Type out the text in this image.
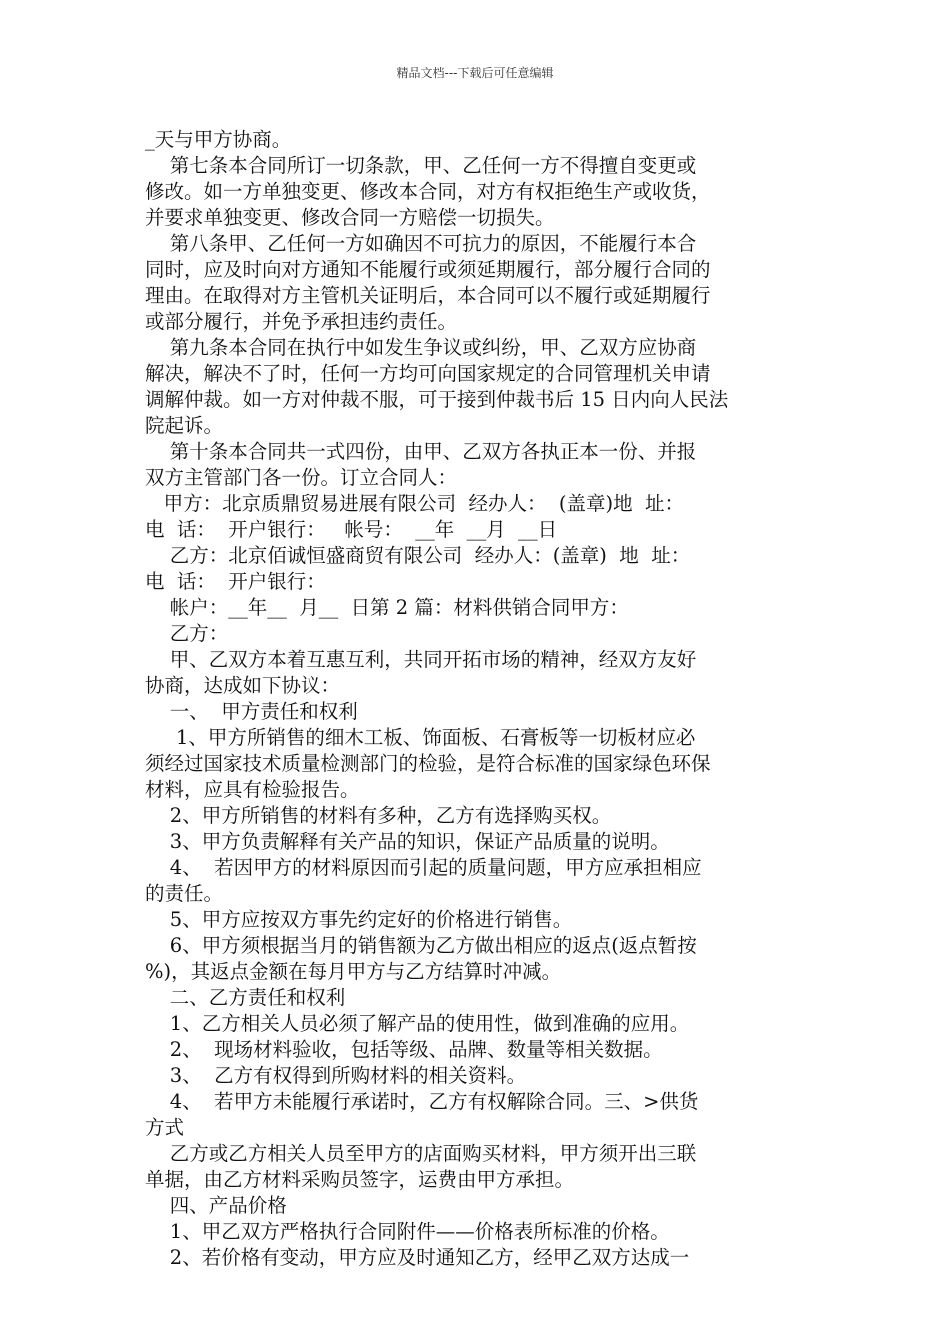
精品文档---下载后可任意编辑
_天与甲方协商。
第七条本合同所订一切条款，甲、乙任何一方不得擅自变更或
修改。如一方单独变更、修改本合同，对方有权拒绝生产或收货，
并要求单独变更、修改合同一方赔偿一切损失。
第八条甲、乙任何一方如确因不可抗力的原因，不能履行本合
同时，应及时向对方通知不能履行或须延期履行，部分履行合同的
理由。在取得对方主管机关证明后，本合同可以不履行或延期履行
或部分履行，并免予承担违约责任。
第九条本合同在执行中如发生争议或纠纷，甲、乙双方应协商
解决，解决不了时，任何一方均可向国家规定的合同管理机关申请
调解仲裁。如一方对仲裁不服，可于接到仲裁书后 15 日内向人民法
院起诉。
第十条本合同共一式四份，由甲、乙双方各执正本一份、并报
双方主管部门各一份。订立合同人：
甲方：北京质鼎贸易进展有限公司  经办人：  (盖章)地  址：
电  话：  开户银行：   帐号：  __年  __月  __日
乙方：北京佰诚恒盛商贸有限公司  经办人：(盖章)  地  址：
电  话：  开户银行：
帐户：__年__  月__  日第 2 篇：材料供销合同甲方：
乙方：
甲、乙双方本着互惠互利，共同开拓市场的精神，经双方友好
协商，达成如下协议：
一、  甲方责任和权利
1、甲方所销售的细木工板、饰面板、石膏板等一切板材应必
须经过国家技术质量检测部门的检验，是符合标准的国家绿色环保
材料，应具有检验报告。
2、甲方所销售的材料有多种，乙方有选择购买权。
3、甲方负责解释有关产品的知识，保证产品质量的说明。
4、  若因甲方的材料原因而引起的质量问题，甲方应承担相应
的责任。
5、甲方应按双方事先约定好的价格进行销售。
6、甲方须根据当月的销售额为乙方做出相应的返点(返点暂按
%)，其返点金额在每月甲方与乙方结算时冲减。
二、乙方责任和权利
1、乙方相关人员必须了解产品的使用性，做到准确的应用。
2、  现场材料验收，包括等级、品牌、数量等相关数据。
3、  乙方有权得到所购材料的相关资料。
4、  若甲方未能履行承诺时，乙方有权解除合同。三、>供货
方式
乙方或乙方相关人员至甲方的店面购买材料，甲方须开出三联
单据，由乙方材料采购员签字，运费由甲方承担。
四、产品价格
1、甲乙双方严格执行合同附件——价格表所标准的价格。
2、若价格有变动，甲方应及时通知乙方，经甲乙双方达成一
